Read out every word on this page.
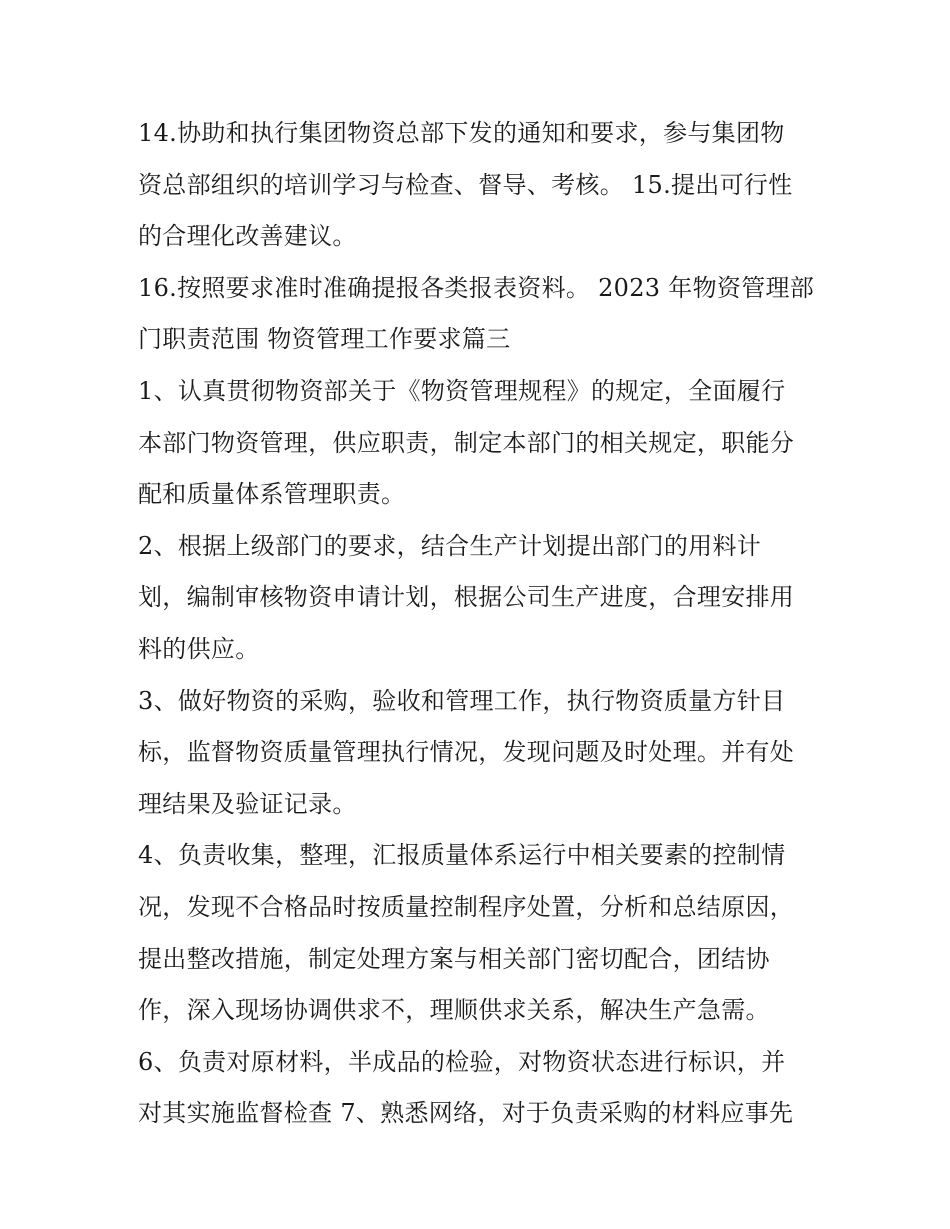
14.协助和执行集团物资总部下发的通知和要求，参与集团物
资总部组织的培训学习与检查、督导、考核。 15.提出可行性
的合理化改善建议。
16.按照要求准时准确提报各类报表资料。 2023 年物资管理部
门职责范围 物资管理工作要求篇三
1、认真贯彻物资部关于《物资管理规程》的规定，全面履行
本部门物资管理，供应职责，制定本部门的相关规定，职能分
配和质量体系管理职责。
2、根据上级部门的要求，结合生产计划提出部门的用料计
划，编制审核物资申请计划，根据公司生产进度，合理安排用
料的供应。
3、做好物资的采购，验收和管理工作，执行物资质量方针目
标，监督物资质量管理执行情况，发现问题及时处理。并有处
理结果及验证记录。
4、负责收集，整理，汇报质量体系运行中相关要素的控制情
况，发现不合格品时按质量控制程序处置，分析和总结原因，
提出整改措施，制定处理方案与相关部门密切配合，团结协
作，深入现场协调供求不，理顺供求关系，解决生产急需。
6、负责对原材料，半成品的检验，对物资状态进行标识，并
对其实施监督检查 7、熟悉网络，对于负责采购的材料应事先
